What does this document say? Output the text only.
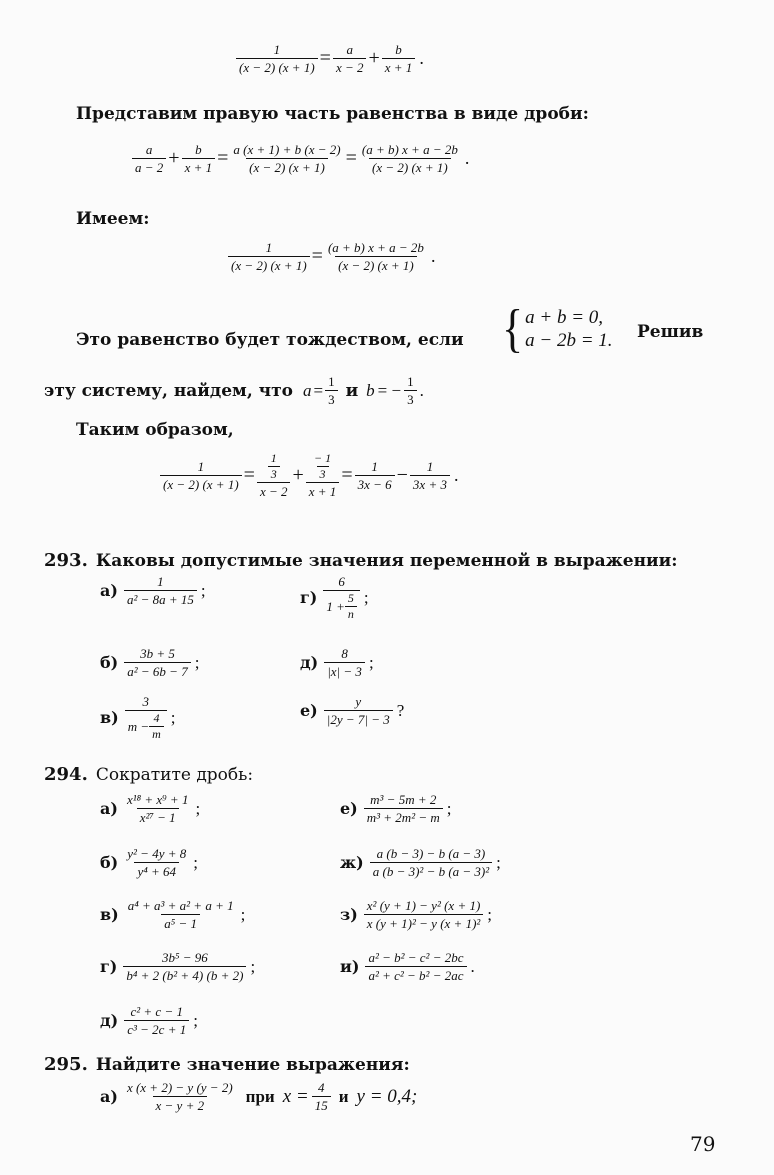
$\frac{1}{(x - 2) (x + 1)} = \frac{a}{x - 2} + \frac{b}{x + 1}$ .
Представим правую часть равенства в виде дроби:
$\frac{a}{a - 2} + \frac{b}{x + 1} = \frac{a (x + 1) + b (x - 2)}{(x - 2) (x + 1)} = \frac{(a + b) x + a - 2b}{(x - 2) (x + 1)}$ .
Имеем:
$\frac{1}{(x - 2) (x + 1)} = \frac{(a + b) x + a - 2b}{(x - 2) (x + 1)}$ .
Это равенство будет тождеством, если { a + b = 0,
a − 2b = 1. Решив
эту систему, найдем, что $a = \frac{1}{3}$ и b = − $\frac{1}{3}$ .
Таким образом,
$\frac{1}{(x - 2) (x + 1)} = \frac{\frac{1}{3}}{x - 2} + \frac{\frac{- 1}{3}}{x + 1} = \frac{1}{3x - 6} - \frac{1}{3x + 3}$ .
293. Каковы допустимые значения переменной в выражении:
$а) \frac{1}{\text{a² − 8a + 15}}$ ;	$г) \frac{6}{1 + \frac{5}{n}}$ ;
$б) \frac{3b + 5}{\text{a² − 6b − 7}}$ ;	$д) \frac{8}{|x| - 3}$ ;
$в) \frac{3}{m - \frac{4}{m}}$ ;	$е) \frac{y}{|2y - 7| - 3}$ ?
294. Сократите дробь:
$а) \frac{\text{x¹⁸ + x⁹ + 1}}{\text{x²⁷ − 1}}$ ;	$е) \frac{\text{m³ − 5m + 2}}{\text{m³ + 2m² − m}}$ ;
$б) \frac{\text{y² − 4y + 8}}{\text{y⁴ + 64}}$ ;	$ж) \frac{a (b - 3) - b (a - 3)}{\text{a (b − 3)² − b (a − 3)²}}$ ;
$в) \frac{\text{a⁴ + a³ + a² + a + 1}}{\text{a⁵ − 1}}$ ;	$з) \frac{\text{x² (y + 1) − y² (x + 1)}}{\text{x (y + 1)² − y (x + 1)²}}$ ;
$г) \frac{\text{3b⁵ − 96}}{\text{b⁴ + 2 (b² + 4) (b + 2)}}$ ;	$и) \frac{\text{a² − b² − c² − 2bc}}{\text{a² + c² − b² − 2ac}}$ .
$д) \frac{\text{c² + c − 1}}{\text{c³ − 2c + 1}}$ ;
295. Найдите значение выражения:
$а) \frac{x (x + 2) - y (y - 2)}{x - y + 2}$ при $x = \frac{4}{15}$ и y = 0,4;
79
